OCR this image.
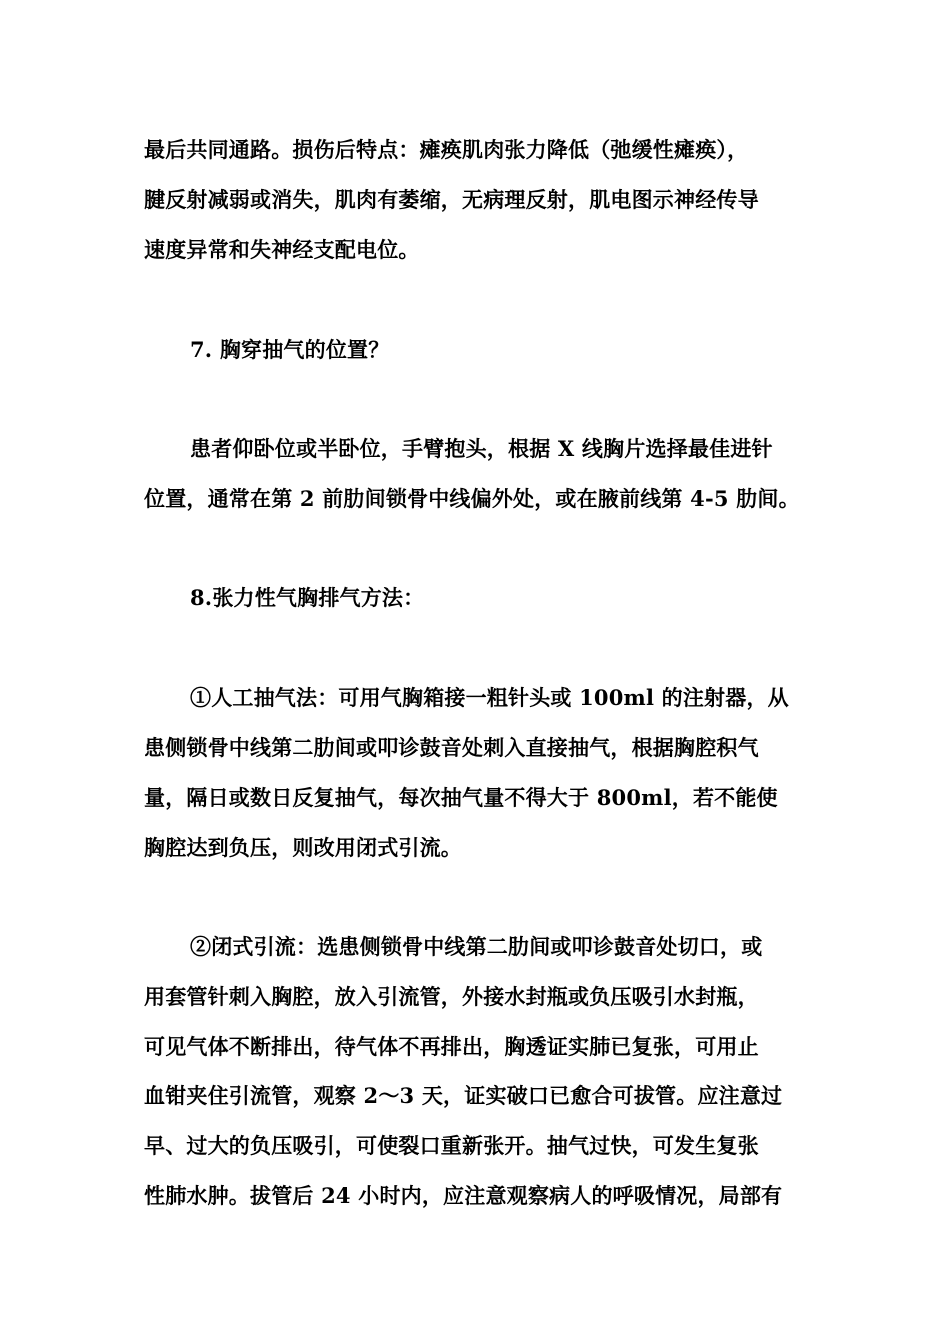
最后共同通路。损伤后特点：瘫痪肌肉张力降低（弛缓性瘫痪），
腱反射减弱或消失，肌肉有萎缩，无病理反射，肌电图示神经传导
速度异常和失神经支配电位。
7. 胸穿抽气的位置？
患者仰卧位或半卧位，手臂抱头，根据 X 线胸片选择最佳进针
位置，通常在第 2 前肋间锁骨中线偏外处，或在腋前线第 4-5 肋间。
8.张力性气胸排气方法：
①人工抽气法：可用气胸箱接一粗针头或 100ml 的注射器，从
患侧锁骨中线第二肋间或叩诊鼓音处刺入直接抽气，根据胸腔积气
量，隔日或数日反复抽气，每次抽气量不得大于 800ml，若不能使
胸腔达到负压，则改用闭式引流。
②闭式引流：选患侧锁骨中线第二肋间或叩诊鼓音处切口，或
用套管针刺入胸腔，放入引流管，外接水封瓶或负压吸引水封瓶，
可见气体不断排出，待气体不再排出，胸透证实肺已复张，可用止
血钳夹住引流管，观察 2～3 天，证实破口已愈合可拔管。应注意过
早、过大的负压吸引，可使裂口重新张开。抽气过快，可发生复张
性肺水肿。拔管后 24 小时内，应注意观察病人的呼吸情况，局部有
